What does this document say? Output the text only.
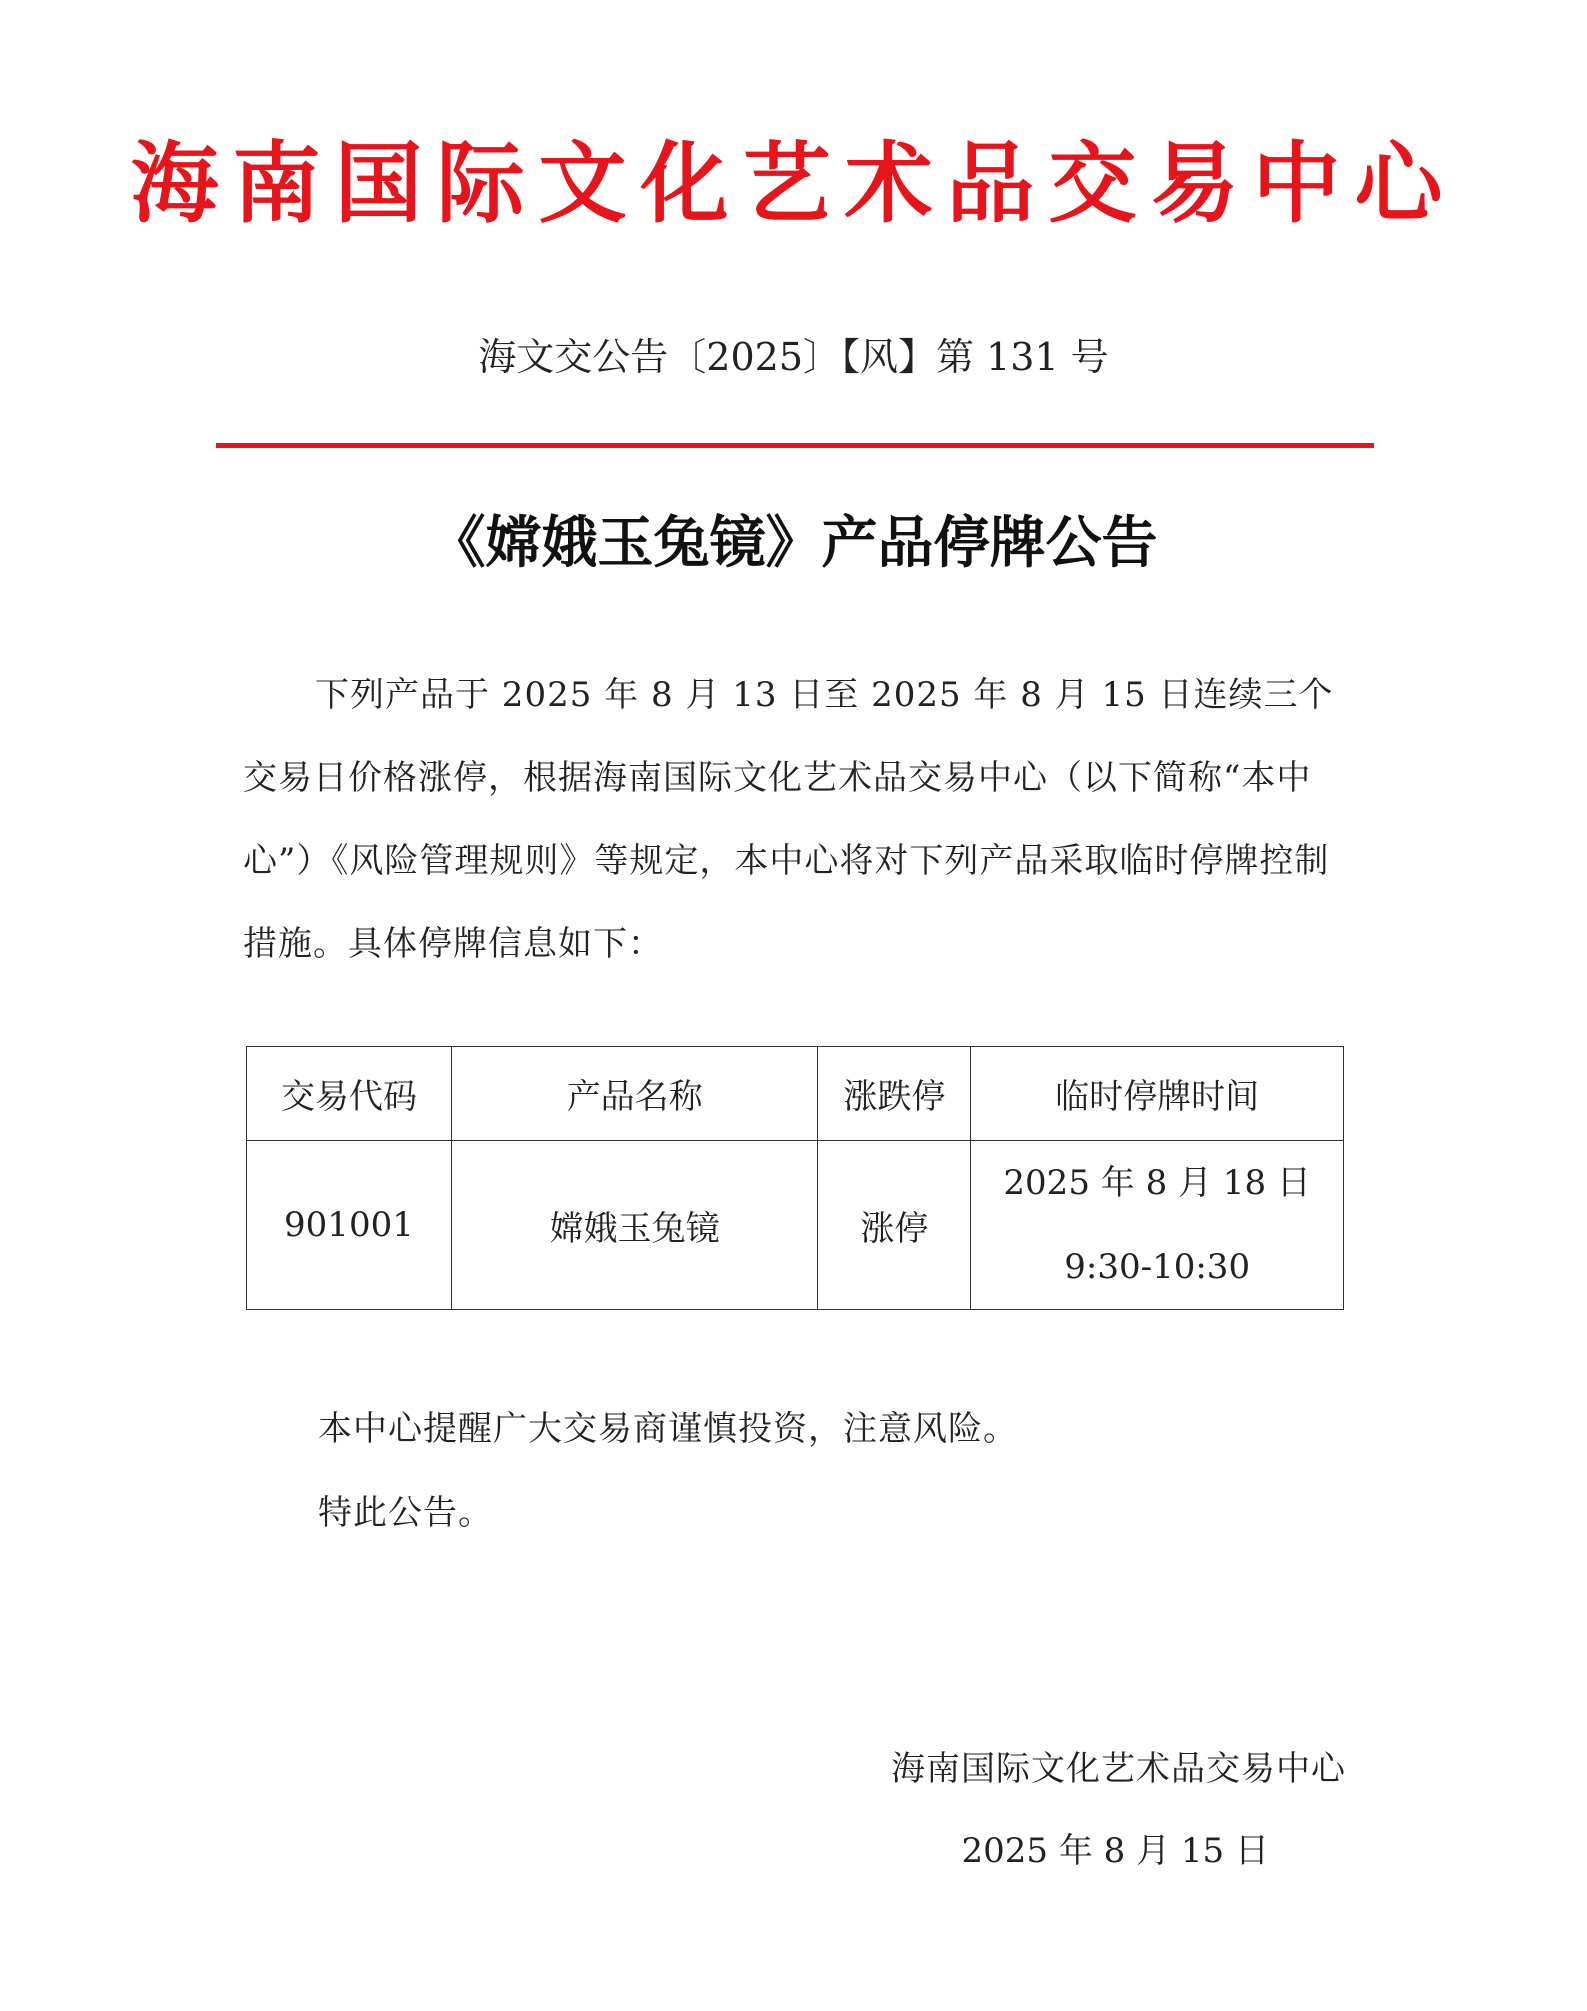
海南国际文化艺术品交易中心
海文交公告〔2025〕【风】第 131 号
《嫦娥玉兔镜》产品停牌公告
下列产品于 2025 年 8 月 13 日至 2025 年 8 月 15 日连续三个交易日价格涨停，根据海南国际文化艺术品交易中心（以下简称“本中心”）《风险管理规则》等规定，本中心将对下列产品采取临时停牌控制措施。具体停牌信息如下：
交易代码	产品名称	涨跌停	临时停牌时间
901001	嫦娥玉兔镜	涨停	2025 年 8 月 18 日
9:30-10:30
本中心提醒广大交易商谨慎投资，注意风险。
特此公告。
海南国际文化艺术品交易中心
2025 年 8 月 15 日
